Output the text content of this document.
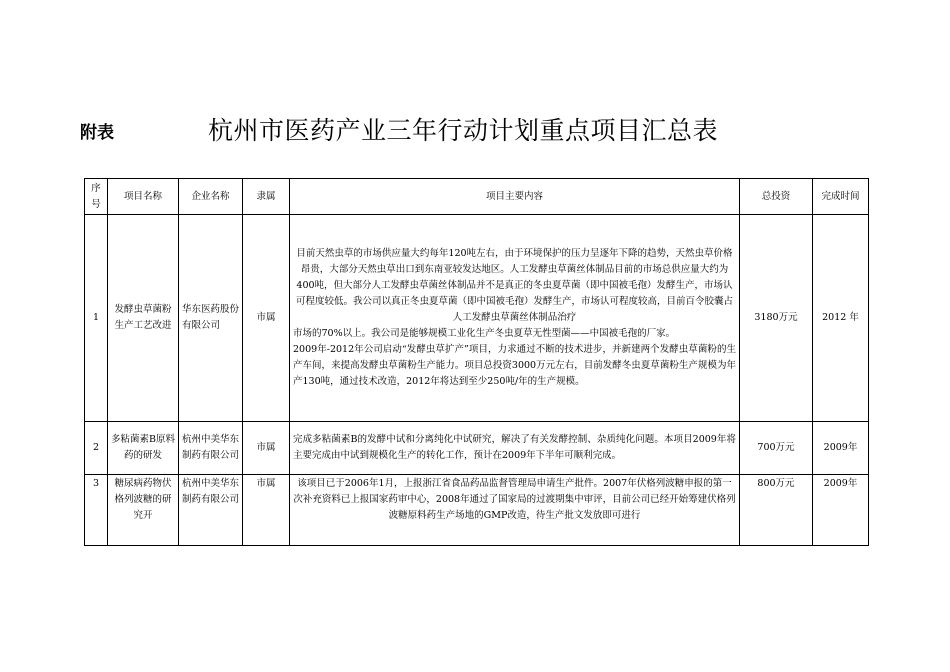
附表	杭州市医药产业三年行动计划重点项目汇总表
序号	项目名称	企业名称	隶属	项目主要内容	总投资	完成时间
1	发酵虫草菌粉生产工艺改进	华东医药股份有限公司	市属	目前天然虫草的市场供应量大约每年120吨左右，由于环境保护的压力呈逐年下降的趋势，天然虫草价格昂贵，大部分天然虫草出口到东南亚较发达地区。人工发酵虫草菌丝体制品目前的市场总供应量大约为400吨，但大部分人工发酵虫草菌丝体制品并不是真正的冬虫夏草菌（即中国被毛孢）发酵生产，市场认可程度较低。我公司以真正冬虫夏草菌（即中国被毛孢）发酵生产，市场认可程度较高，目前百令胶囊占人工发酵虫草菌丝体制品治疗

市场的70%以上。我公司是能够规模工业化生产冬虫夏草无性型菌——中国被毛孢的厂家。

2009年-2012年公司启动“发酵虫草扩产”项目，力求通过不断的技术进步，并新建两个发酵虫草菌粉的生产车间，来提高发酵虫草菌粉生产能力。项目总投资3000万元左右，目前发酵冬虫夏草菌粉生产规模为年产130吨，通过技术改造，2012年将达到至少250吨/年的生产规模。	3180万元	2012 年
2	多粘菌素B原料药的研发	杭州中美华东制药有限公司	市属	完成多粘菌素B的发酵中试和分离纯化中试研究，解决了有关发酵控制、杂质纯化问题。本项目2009年将主要完成由中试到规模化生产的转化工作，预计在2009年下半年可顺利完成。	700万元	2009年
3	糖尿病药物伏格列波糖的研究开	杭州中美华东制药有限公司	市属	该项目已于2006年1月，上报浙江省食品药品监督管理局申请生产批件。2007年伏格列波糖申报的第一次补充资料已上报国家药审中心，2008年通过了国家局的过渡期集中审评，目前公司已经开始筹建伏格列波糖原料药生产场地的GMP改造，待生产批文发放即可进行	800万元	2009年
